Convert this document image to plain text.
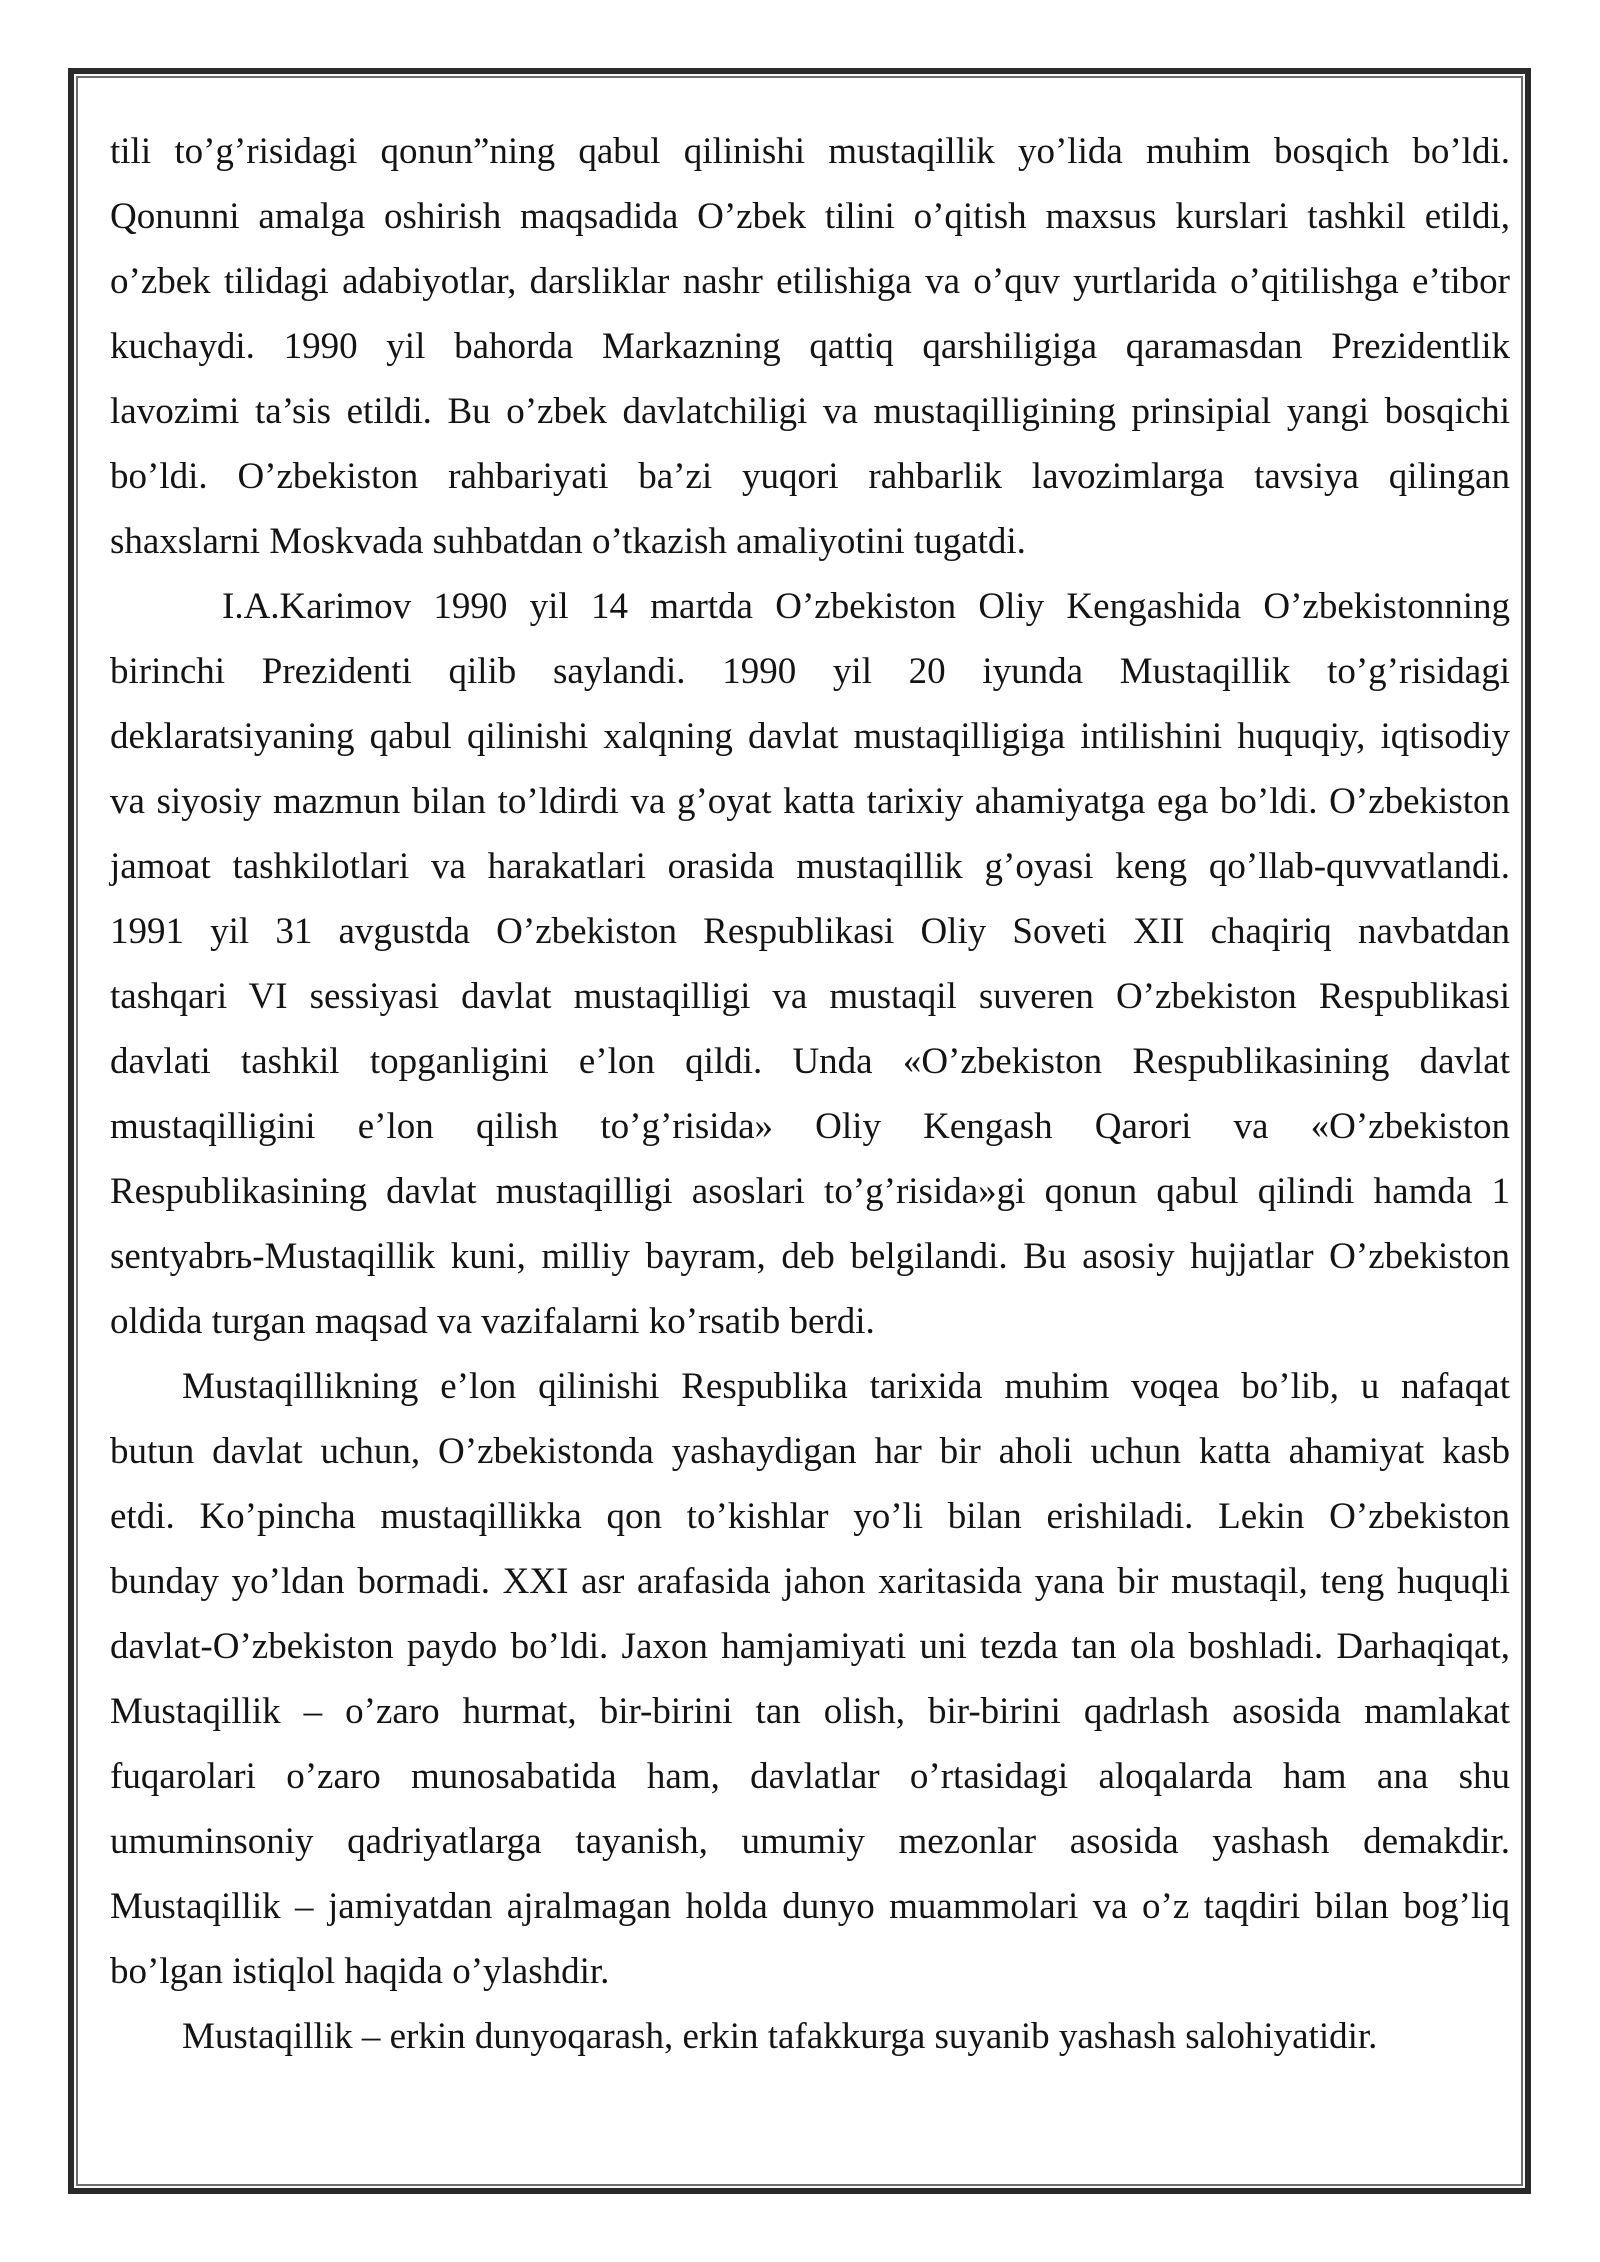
tili to’g’risidagi qonun”ning qabul qilinishi mustaqillik yo’lida muhim bosqich bo’ldi.
Qonunni amalga oshirish maqsadida O’zbek tilini o’qitish maxsus kurslari tashkil etildi,
o’zbek tilidagi adabiyotlar, darsliklar nashr etilishiga va o’quv yurtlarida o’qitilishga e’tibor
kuchaydi. 1990 yil bahorda Markazning qattiq qarshiligiga qaramasdan Prezidentlik
lavozimi ta’sis etildi. Bu o’zbek davlatchiligi va mustaqilligining prinsipial yangi bosqichi
bo’ldi. O’zbekiston rahbariyati ba’zi yuqori rahbarlik lavozimlarga tavsiya qilingan
shaxslarni Moskvada suhbatdan o’tkazish amaliyotini tugatdi.
I.A.Karimov 1990 yil 14 martda O’zbekiston Oliy Kengashida O’zbekistonning
birinchi Prezidenti qilib saylandi. 1990 yil 20 iyunda Mustaqillik to’g’risidagi
deklaratsiyaning qabul qilinishi xalqning davlat mustaqilligiga intilishini huquqiy, iqtisodiy
va siyosiy mazmun bilan to’ldirdi va g’oyat katta tarixiy ahamiyatga ega bo’ldi. O’zbekiston
jamoat tashkilotlari va harakatlari orasida mustaqillik g’oyasi keng qo’llab-quvvatlandi.
1991 yil 31 avgustda O’zbekiston Respublikasi Oliy Soveti XII chaqiriq navbatdan
tashqari VI sessiyasi davlat mustaqilligi va mustaqil suveren O’zbekiston Respublikasi
davlati tashkil topganligini e’lon qildi. Unda «O’zbekiston Respublikasining davlat
mustaqilligini e’lon qilish to’g’risida» Oliy Kengash Qarori va «O’zbekiston
Respublikasining davlat mustaqilligi asoslari to’g’risida»gi qonun qabul qilindi hamda 1
sentyabrь-Mustaqillik kuni, milliy bayram, deb belgilandi. Bu asosiy hujjatlar O’zbekiston
oldida turgan maqsad va vazifalarni ko’rsatib berdi.
Mustaqillikning e’lon qilinishi Respublika tarixida muhim voqea bo’lib, u nafaqat
butun davlat uchun, O’zbekistonda yashaydigan har bir aholi uchun katta ahamiyat kasb
etdi. Ko’pincha mustaqillikka qon to’kishlar yo’li bilan erishiladi. Lekin O’zbekiston
bunday yo’ldan bormadi. XXI asr arafasida jahon xaritasida yana bir mustaqil, teng huquqli
davlat-O’zbekiston paydo bo’ldi. Jaxon hamjamiyati uni tezda tan ola boshladi. Darhaqiqat,
Mustaqillik – o’zaro hurmat, bir-birini tan olish, bir-birini qadrlash asosida mamlakat
fuqarolari o’zaro munosabatida ham, davlatlar o’rtasidagi aloqalarda ham ana shu
umuminsoniy qadriyatlarga tayanish, umumiy mezonlar asosida yashash demakdir.
Mustaqillik – jamiyatdan ajralmagan holda dunyo muammolari va o’z taqdiri bilan bog’liq
bo’lgan istiqlol haqida o’ylashdir.
Mustaqillik – erkin dunyoqarash, erkin tafakkurga suyanib yashash salohiyatidir.
